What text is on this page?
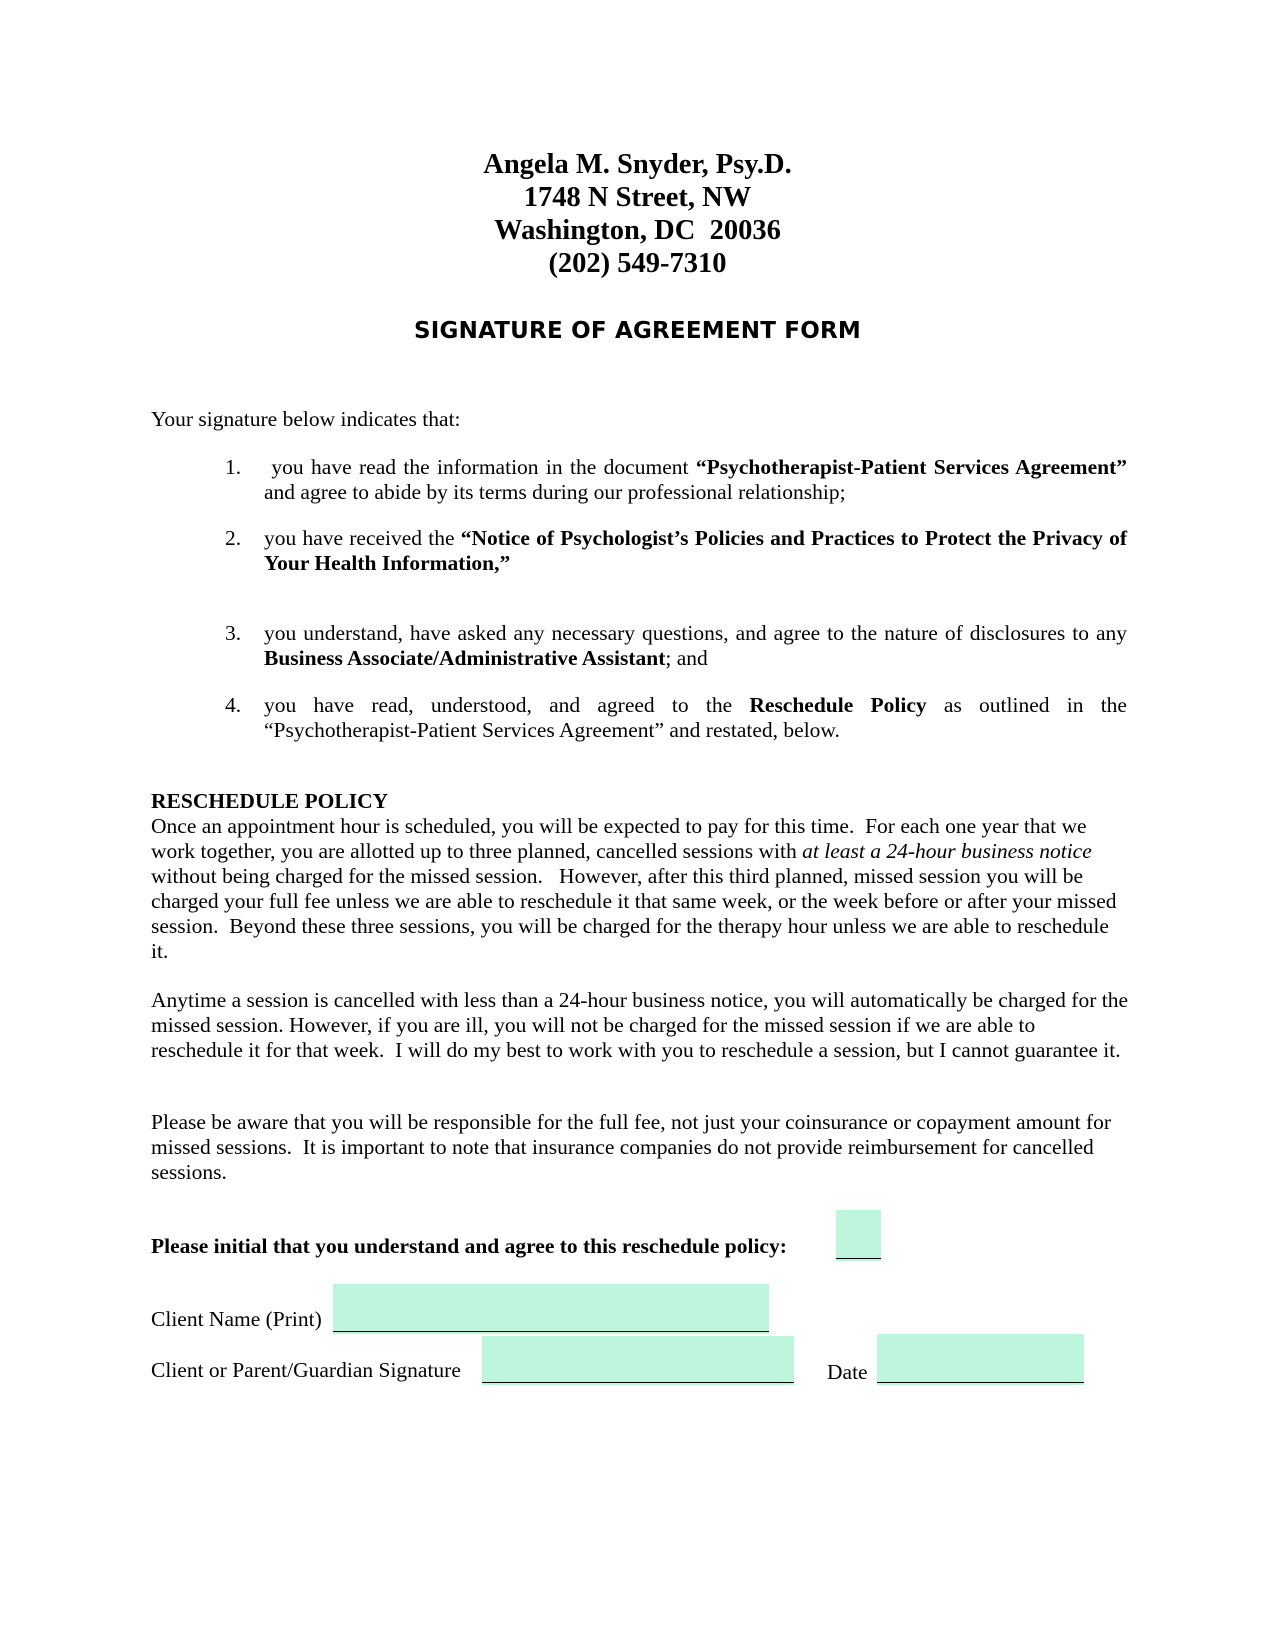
Angela M. Snyder, Psy.D.
1748 N Street, NW
Washington, DC  20036
(202) 549-7310
SIGNATURE OF AGREEMENT FORM
Your signature below indicates that:
1.	you have read the information in the document “Psychotherapist-Patient Services Agreement” and agree to abide by its terms during our professional relationship;
2.	you have received the “Notice of Psychologist’s Policies and Practices to Protect the Privacy of Your Health Information,”
3.	you understand, have asked any necessary questions, and agree to the nature of disclosures to any Business Associate/Administrative Assistant; and
4.	you have read, understood, and agreed to the Reschedule Policy as outlined in the “Psychotherapist-Patient Services Agreement” and restated, below.
RESCHEDULE POLICY
Once an appointment hour is scheduled, you will be expected to pay for this time.  For each one year that we work together, you are allotted up to three planned, cancelled sessions with at least a 24-hour business notice without being charged for the missed session.   However, after this third planned, missed session you will be charged your full fee unless we are able to reschedule it that same week, or the week before or after your missed session.  Beyond these three sessions, you will be charged for the therapy hour unless we are able to reschedule it.
Anytime a session is cancelled with less than a 24-hour business notice, you will automatically be charged for the missed session. However, if you are ill, you will not be charged for the missed session if we are able to reschedule it for that week.  I will do my best to work with you to reschedule a session, but I cannot guarantee it.
Please be aware that you will be responsible for the full fee, not just your coinsurance or copayment amount for missed sessions.  It is important to note that insurance companies do not provide reimbursement for cancelled sessions.
Please initial that you understand and agree to this reschedule policy:
Client Name (Print)
Client or Parent/Guardian Signature	Date
